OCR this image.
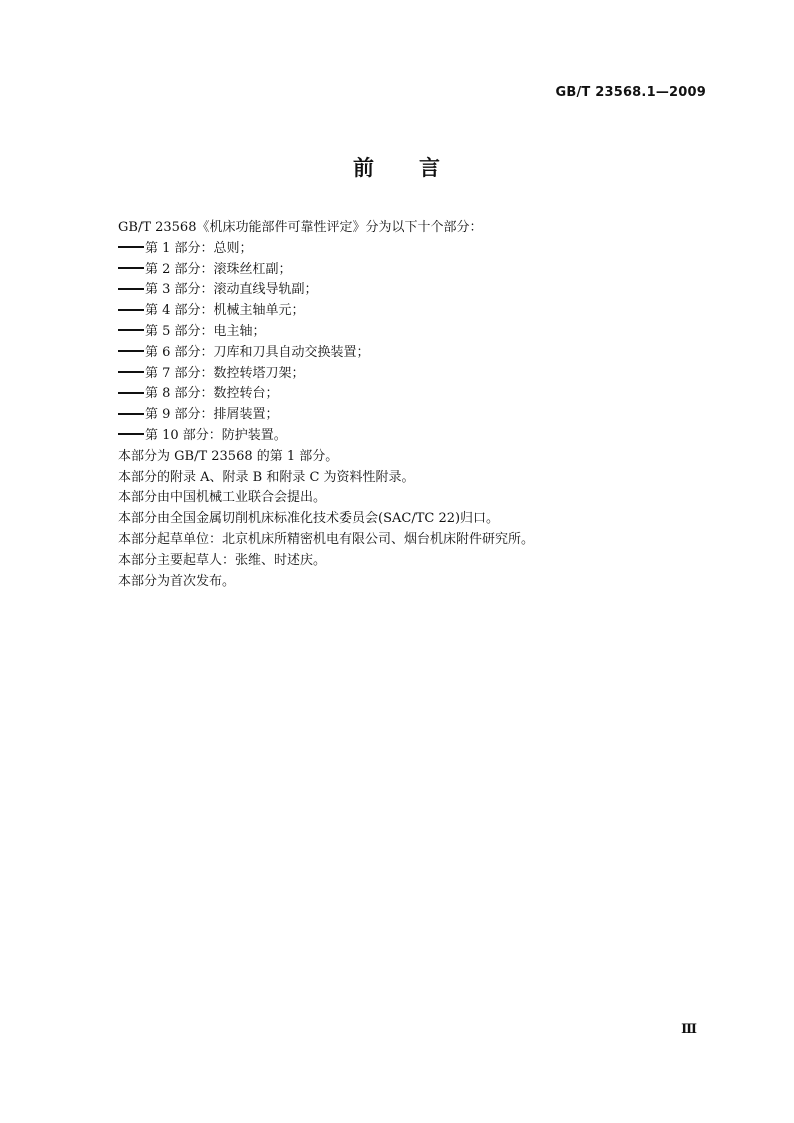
GB/T 23568.1—2009
前 言
GB/T 23568《机床功能部件可靠性评定》分为以下十个部分：
第 1 部分：总则；
第 2 部分：滚珠丝杠副；
第 3 部分：滚动直线导轨副；
第 4 部分：机械主轴单元；
第 5 部分：电主轴；
第 6 部分：刀库和刀具自动交换装置；
第 7 部分：数控转塔刀架；
第 8 部分：数控转台；
第 9 部分：排屑装置；
第 10 部分：防护装置。
本部分为 GB/T 23568 的第 1 部分。
本部分的附录 A、附录 B 和附录 C 为资料性附录。
本部分由中国机械工业联合会提出。
本部分由全国金属切削机床标准化技术委员会(SAC/TC 22)归口。
本部分起草单位：北京机床所精密机电有限公司、烟台机床附件研究所。
本部分主要起草人：张维、时述庆。
本部分为首次发布。
Ⅲ
